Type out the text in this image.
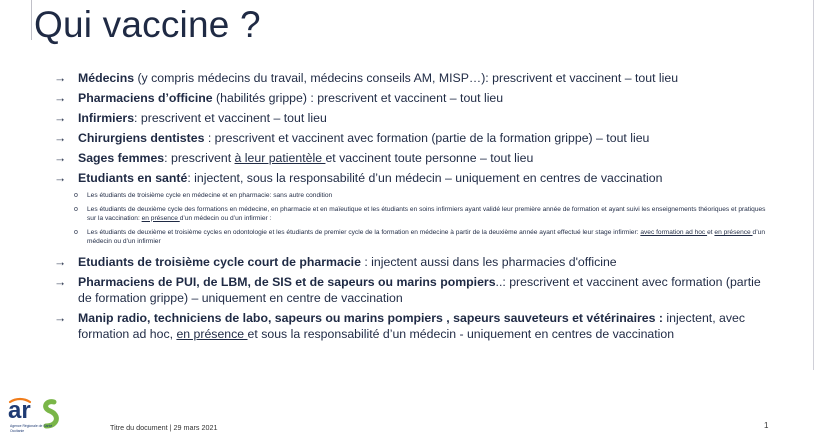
Qui vaccine ?
→ Médecins (y compris médecins du travail, médecins conseils AM, MISP…): prescrivent et vaccinent – tout lieu
→ Pharmaciens d’officine (habilités grippe) : prescrivent et vaccinent – tout lieu
→ Infirmiers: prescrivent et vaccinent – tout lieu
→ Chirurgiens dentistes : prescrivent et vaccinent avec formation (partie de la formation grippe) – tout lieu
→ Sages femmes: prescrivent à leur patientèle et vaccinent toute personne – tout lieu
→ Etudiants en santé: injectent, sous la responsabilité d’un médecin – uniquement en centres de vaccination
o Les étudiants de troisième cycle en médecine et en pharmacie: sans autre condition
o Les étudiants de deuxième cycle des formations en médecine, en pharmacie et en maïeutique et les étudiants en soins infirmiers ayant validé leur première année de formation et ayant suivi les enseignements théoriques et pratiques sur la vaccination: en présence d’un médecin ou d’un infirmier :
o Les étudiants de deuxième et troisième cycles en odontologie et les étudiants de premier cycle de la formation en médecine à partir de la deuxième année ayant effectué leur stage infirmier: avec formation ad hoc et en présence d’un médecin ou d’un infirmier
→ Etudiants de troisième cycle court de pharmacie : injectent aussi dans les pharmacies d'officine
→ Pharmaciens de PUI, de LBM, de SIS et de sapeurs ou marins pompiers..: prescrivent et vaccinent avec formation (partie de formation grippe) – uniquement en centre de vaccination
→ Manip radio, techniciens de labo, sapeurs ou marins pompiers , sapeurs sauveteurs et vétérinaires : injectent, avec formation ad hoc, en présence et sous la responsabilité d’un médecin - uniquement en centres de vaccination
ar
Agence Régionale de Santé
Occitanie	Titre du document | 29 mars 2021	1
